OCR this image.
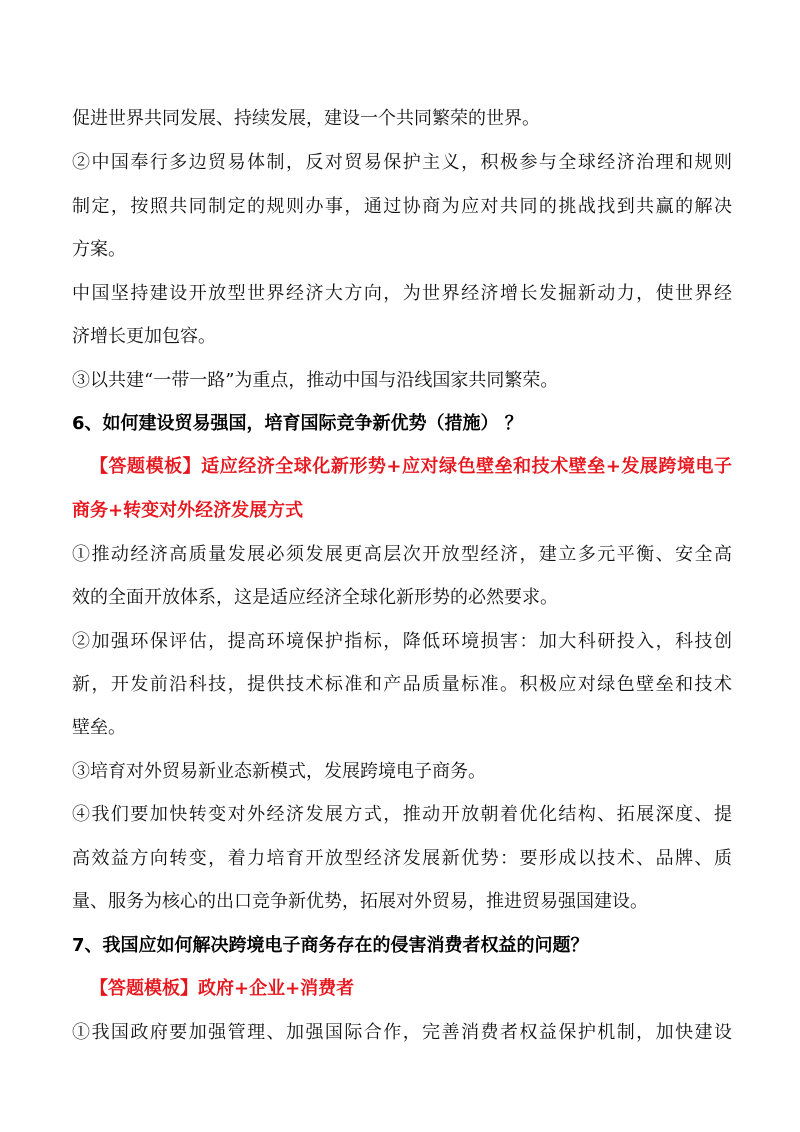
促进世界共同发展、持续发展，建设一个共同繁荣的世界。
②中国奉行多边贸易体制，反对贸易保护主义，积极参与全球经济治理和规则
制定，按照共同制定的规则办事，通过协商为应对共同的挑战找到共赢的解决
方案。
中国坚持建设开放型世界经济大方向，为世界经济增长发掘新动力，使世界经
济增长更加包容。
③以共建“一带一路”为重点，推动中国与沿线国家共同繁荣。
6、如何建设贸易强国，培育国际竞争新优势（措施） ？
【答题模板】适应经济全球化新形势+应对绿色壁垒和技术壁垒+发展跨境电子
商务+转变对外经济发展方式
①推动经济高质量发展必须发展更高层次开放型经济，建立多元平衡、安全高
效的全面开放体系，这是适应经济全球化新形势的必然要求。
②加强环保评估，提高环境保护指标，降低环境损害：加大科研投入，科技创
新，开发前沿科技，提供技术标准和产品质量标准。积极应对绿色壁垒和技术
壁垒。
③培育对外贸易新业态新模式，发展跨境电子商务。
④我们要加快转变对外经济发展方式，推动开放朝着优化结构、拓展深度、提
高效益方向转变，着力培育开放型经济发展新优势：要形成以技术、品牌、质
量、服务为核心的出口竞争新优势，拓展对外贸易，推进贸易强国建设。
7、我国应如何解决跨境电子商务存在的侵害消费者权益的问题？
【答题模板】政府+企业+消费者
①我国政府要加强管理、加强国际合作，完善消费者权益保护机制，加快建设
